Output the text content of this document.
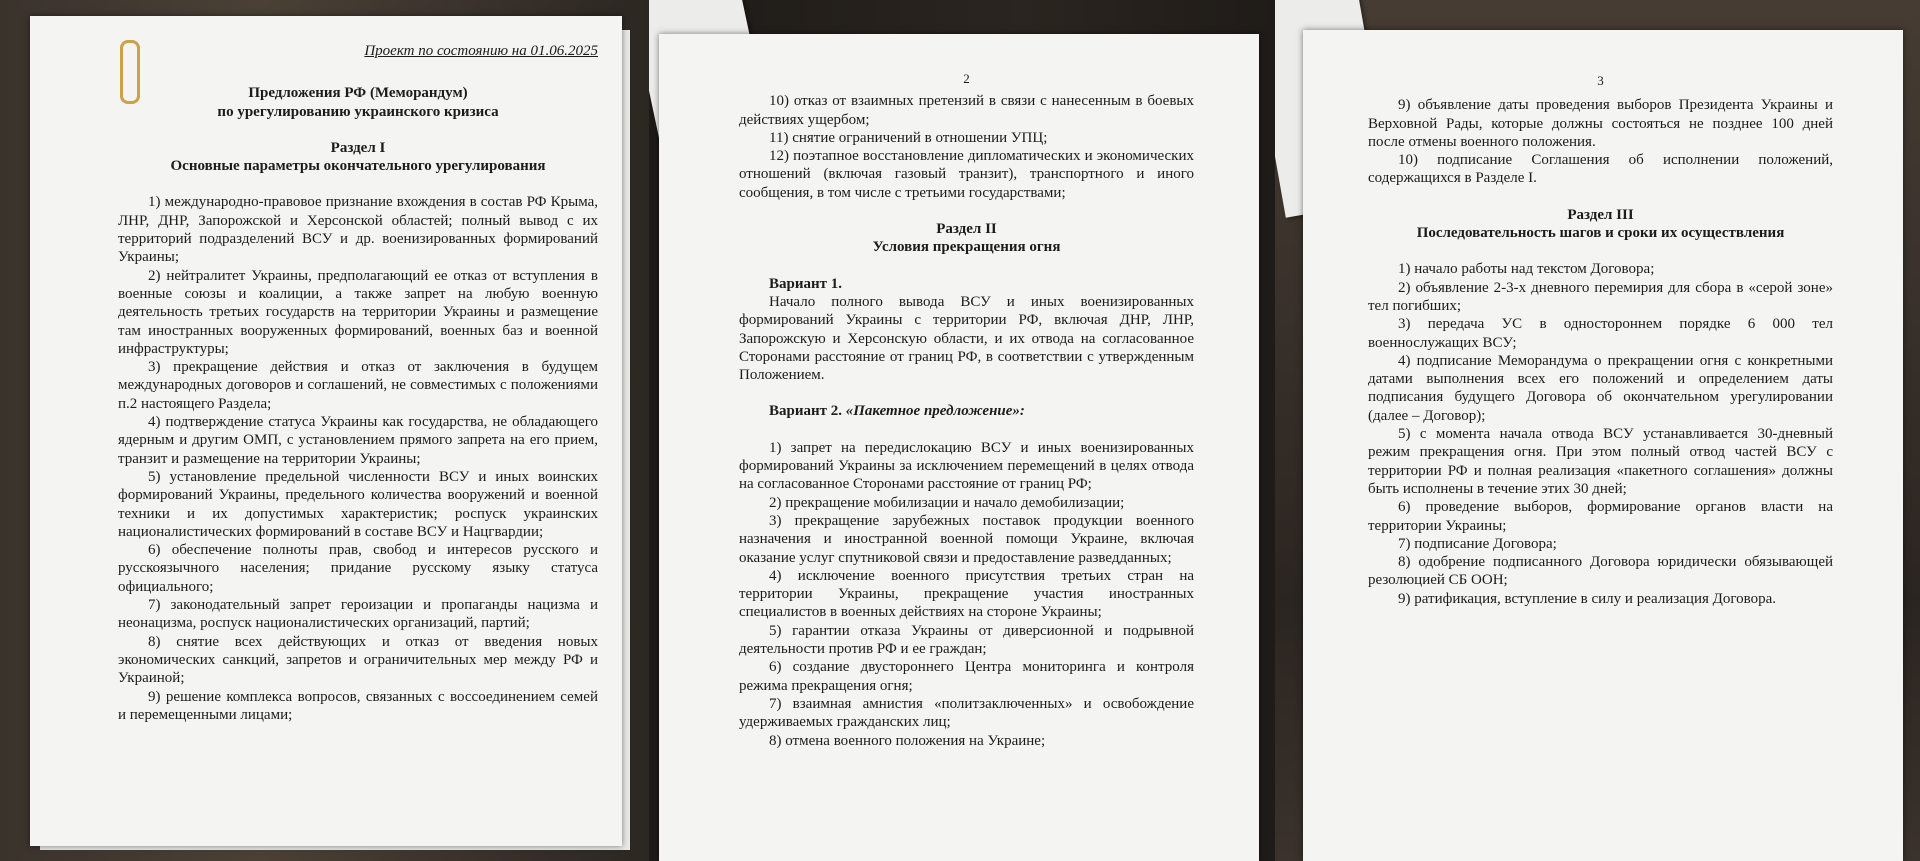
Проект по состоянию на 01.06.2025

Предложения РФ (Меморандум)

по урегулированию украинского кризиса

Раздел I

Основные параметры окончательного урегулирования

1) международно-правовое признание вхождения в состав РФ Крыма, ЛНР, ДНР, Запорожской и Херсонской областей; полный вывод с их территорий подразделений ВСУ и др. военизированных формирований Украины;

2) нейтралитет Украины, предполагающий ее отказ от вступления в военные союзы и коалиции, а также запрет на любую военную деятельность третьих государств на территории Украины и размещение там иностранных вооруженных формирований, военных баз и военной инфраструктуры;

3) прекращение действия и отказ от заключения в будущем международных договоров и соглашений, не совместимых с положениями п.2 настоящего Раздела;

4) подтверждение статуса Украины как государства, не обладающего ядерным и другим ОМП, с установлением прямого запрета на его прием, транзит и размещение на территории Украины;

5) установление предельной численности ВСУ и иных воинских формирований Украины, предельного количества вооружений и военной техники и их допустимых характеристик; роспуск украинских националистических формирований в составе ВСУ и Нацгвардии;

6) обеспечение полноты прав, свобод и интересов русского и русскоязычного населения; придание русскому языку статуса официального;

7) законодательный запрет героизации и пропаганды нацизма и неонацизма, роспуск националистических организаций, партий;

8) снятие всех действующих и отказ от введения новых экономических санкций, запретов и ограничительных мер между РФ и Украиной;

9) решение комплекса вопросов, связанных с воссоединением семей и перемещенными лицами;

2

10) отказ от взаимных претензий в связи с нанесенным в боевых действиях ущербом;

11) снятие ограничений в отношении УПЦ;

12) поэтапное восстановление дипломатических и экономических отношений (включая газовый транзит), транспортного и иного сообщения, в том числе с третьими государствами;

Раздел II

Условия прекращения огня

Вариант 1.

Начало полного вывода ВСУ и иных военизированных формирований Украины с территории РФ, включая ДНР, ЛНР, Запорожскую и Херсонскую области, и их отвода на согласованное Сторонами расстояние от границ РФ, в соответствии с утвержденным Положением.

Вариант 2. «Пакетное предложение»:

1) запрет на передислокацию ВСУ и иных военизированных формирований Украины за исключением перемещений в целях отвода на согласованное Сторонами расстояние от границ РФ;

2) прекращение мобилизации и начало демобилизации;

3) прекращение зарубежных поставок продукции военного назначения и иностранной военной помощи Украине, включая оказание услуг спутниковой связи и предоставление разведданных;

4) исключение военного присутствия третьих стран на территории Украины, прекращение участия иностранных специалистов в военных действиях на стороне Украины;

5) гарантии отказа Украины от диверсионной и подрывной деятельности против РФ и ее граждан;

6) создание двустороннего Центра мониторинга и контроля режима прекращения огня;

7) взаимная амнистия «политзаключенных» и освобождение удерживаемых гражданских лиц;

8) отмена военного положения на Украине;

3

9) объявление даты проведения выборов Президента Украины и Верховной Рады, которые должны состояться не позднее 100 дней после отмены военного положения.

10) подписание Соглашения об исполнении положений, содержащихся в Разделе I.

Раздел III

Последовательность шагов и сроки их осуществления

1) начало работы над текстом Договора;

2) объявление 2-3-х дневного перемирия для сбора в «серой зоне» тел погибших;

3) передача УС в одностороннем порядке 6 000 тел военнослужащих ВСУ;

4) подписание Меморандума о прекращении огня с конкретными датами выполнения всех его положений и определением даты подписания будущего Договора об окончательном урегулировании (далее – Договор);

5) с момента начала отвода ВСУ устанавливается 30-дневный режим прекращения огня. При этом полный отвод частей ВСУ с территории РФ и полная реализация «пакетного соглашения» должны быть исполнены в течение этих 30 дней;

6) проведение выборов, формирование органов власти на территории Украины;

7) подписание Договора;

8) одобрение подписанного Договора юридически обязывающей резолюцией СБ ООН;

9) ратификация, вступление в силу и реализация Договора.
